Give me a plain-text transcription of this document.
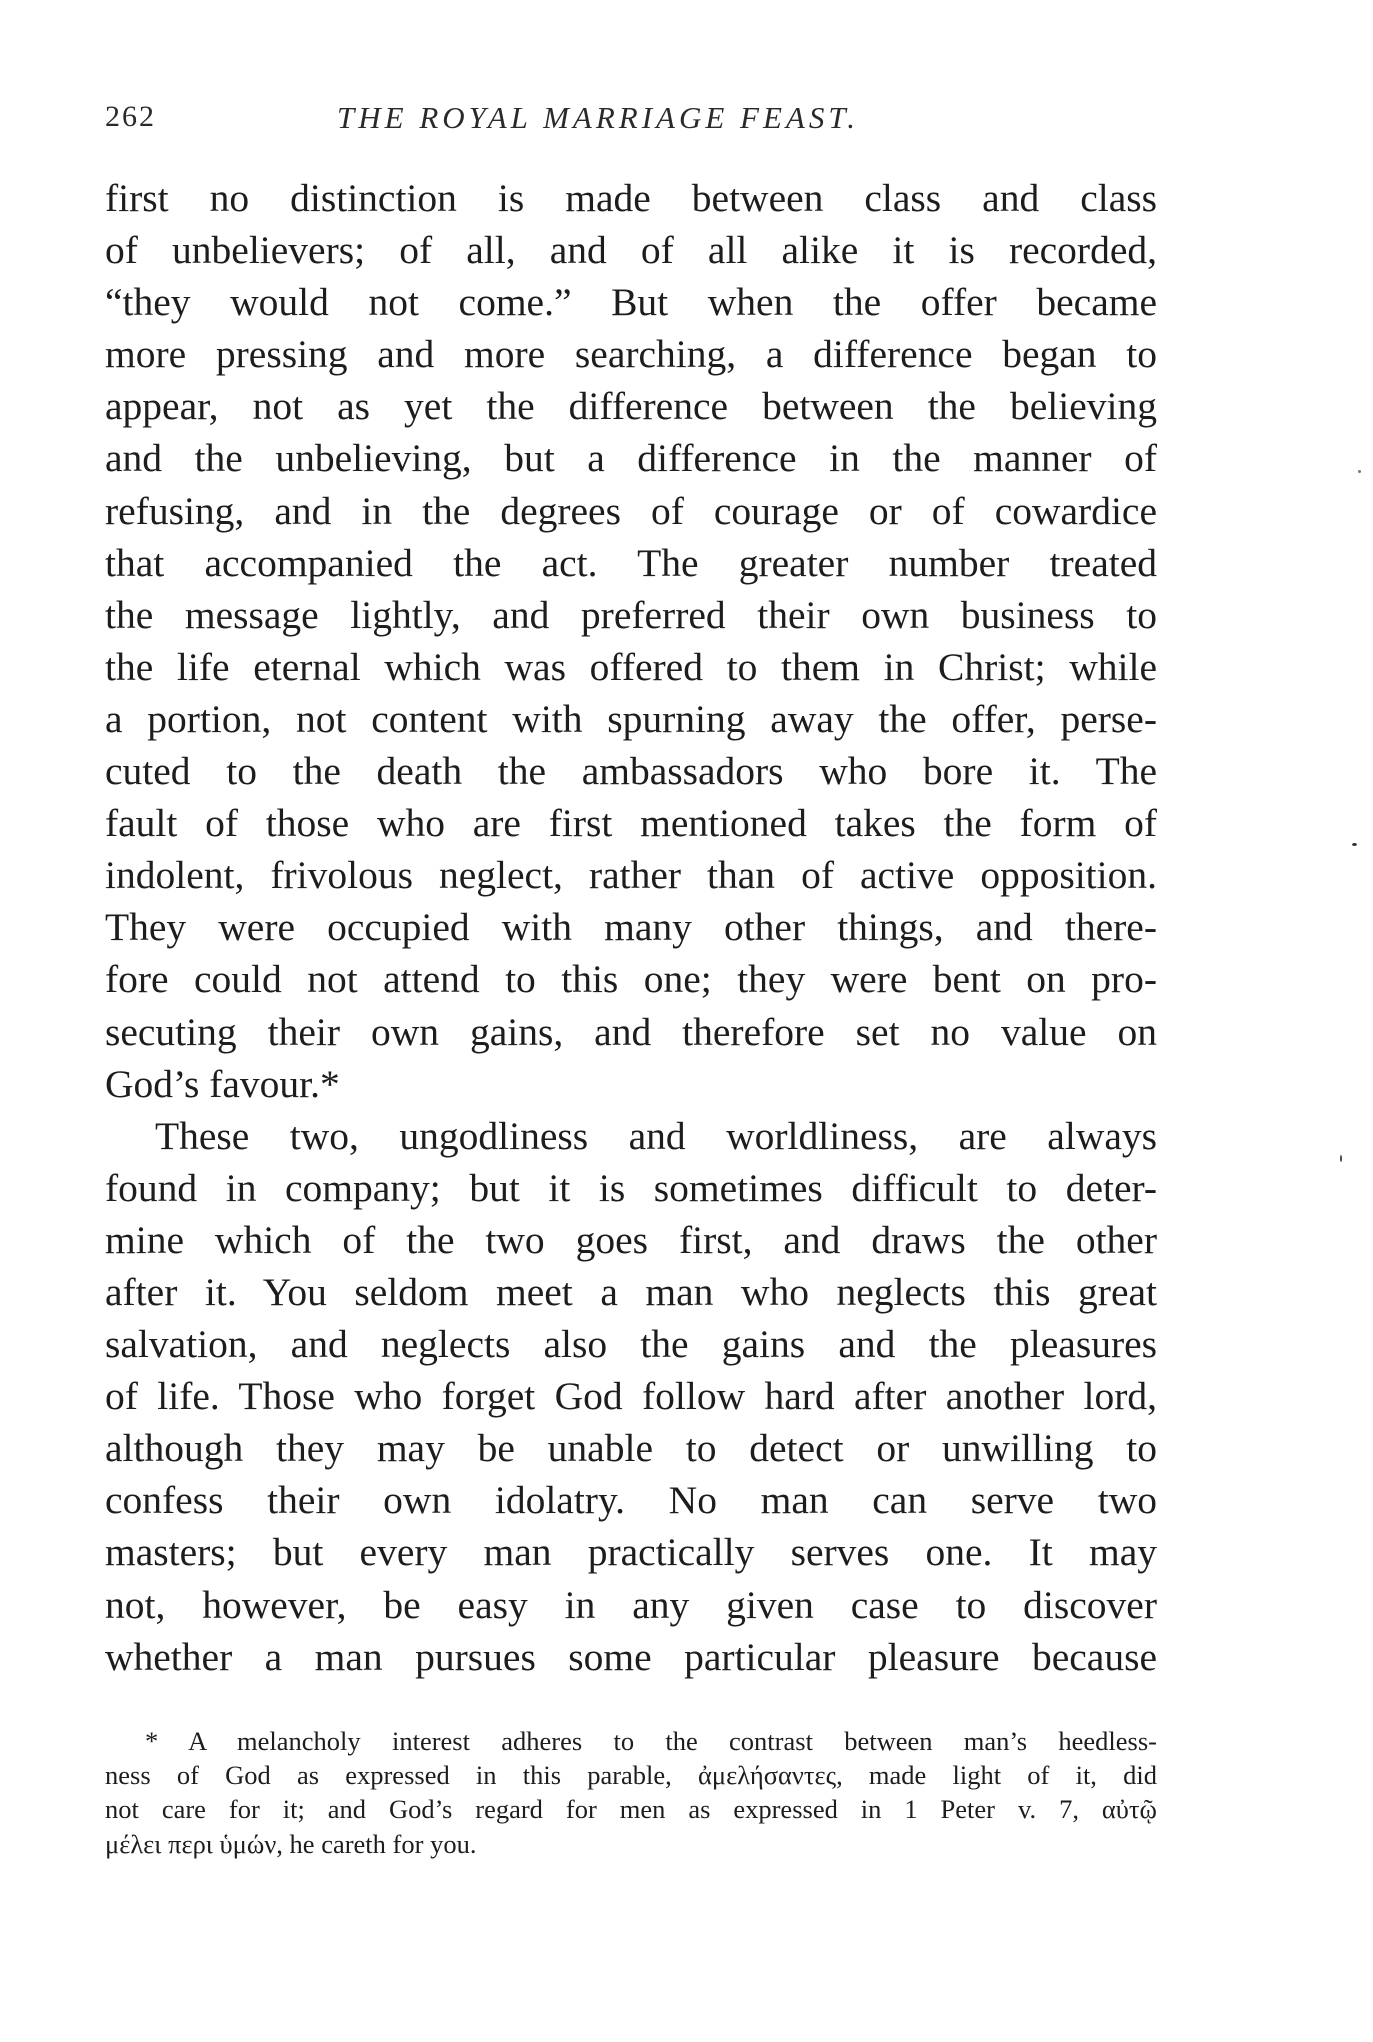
262	THE ROYAL MARRIAGE FEAST.
first no distinction is made between class and class
of unbelievers; of all, and of all alike it is recorded,
“they would not come.” But when the offer became
more pressing and more searching, a difference began to
appear, not as yet the difference between the believing
and the unbelieving, but a difference in the manner of
refusing, and in the degrees of courage or of cowardice
that accompanied the act. The greater number treated
the message lightly, and preferred their own business to
the life eternal which was offered to them in Christ; while
a portion, not content with spurning away the offer, perse-
cuted to the death the ambassadors who bore it. The
fault of those who are first mentioned takes the form of
indolent, frivolous neglect, rather than of active opposition.
They were occupied with many other things, and there-
fore could not attend to this one; they were bent on pro-
secuting their own gains, and therefore set no value on
God’s favour.*
These two, ungodliness and worldliness, are always
found in company; but it is sometimes difficult to deter-
mine which of the two goes first, and draws the other
after it. You seldom meet a man who neglects this great
salvation, and neglects also the gains and the pleasures
of life. Those who forget God follow hard after another lord,
although they may be unable to detect or unwilling to
confess their own idolatry. No man can serve two
masters; but every man practically serves one. It may
not, however, be easy in any given case to discover
whether a man pursues some particular pleasure because
* A melancholy interest adheres to the contrast between man’s heedless-
ness of God as expressed in this parable, ἀμελήσαντες, made light of it, did
not care for it; and God’s regard for men as expressed in 1 Peter v. 7, αὐτῷ
μέλει περι ὑμών, he careth for you.
